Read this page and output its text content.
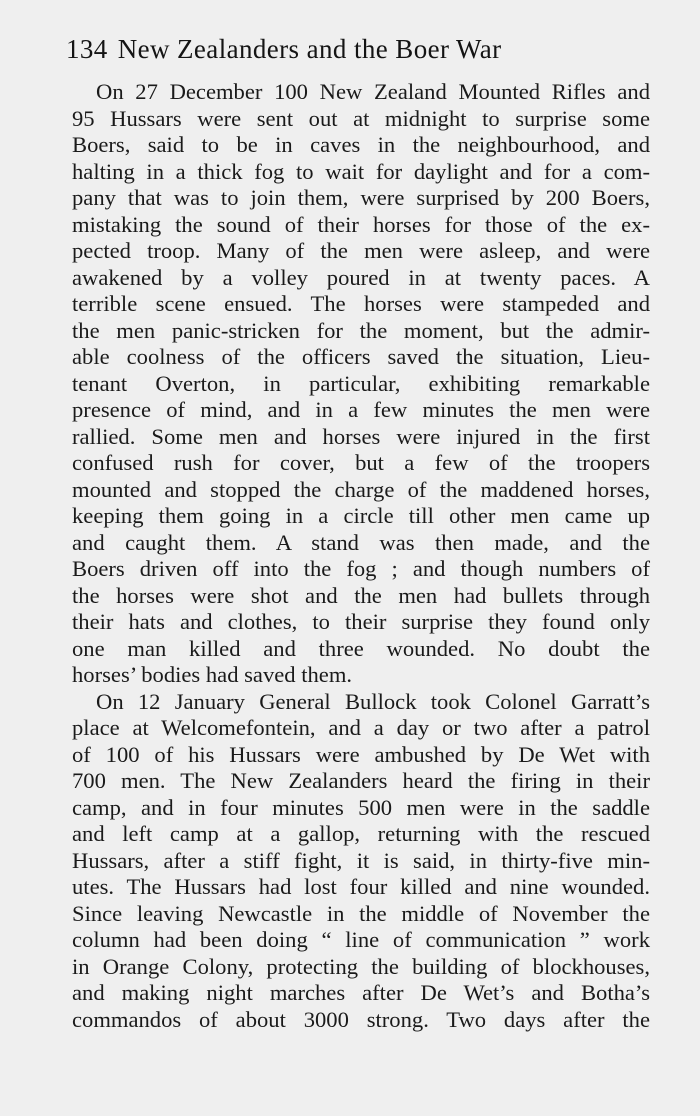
134 New Zealanders and the Boer War
On 27 December 100 New Zealand Mounted Rifles and
95 Hussars were sent out at midnight to surprise some
Boers, said to be in caves in the neighbourhood, and
halting in a thick fog to wait for daylight and for a com-
pany that was to join them, were surprised by 200 Boers,
mistaking the sound of their horses for those of the ex-
pected troop. Many of the men were asleep, and were
awakened by a volley poured in at twenty paces. A
terrible scene ensued. The horses were stampeded and
the men panic-stricken for the moment, but the admir-
able coolness of the officers saved the situation, Lieu-
tenant Overton, in particular, exhibiting remarkable
presence of mind, and in a few minutes the men were
rallied. Some men and horses were injured in the first
confused rush for cover, but a few of the troopers
mounted and stopped the charge of the maddened horses,
keeping them going in a circle till other men came up
and caught them. A stand was then made, and the
Boers driven off into the fog ; and though numbers of
the horses were shot and the men had bullets through
their hats and clothes, to their surprise they found only
one man killed and three wounded. No doubt the
horses’ bodies had saved them.
On 12 January General Bullock took Colonel Garratt’s
place at Welcomefontein, and a day or two after a patrol
of 100 of his Hussars were ambushed by De Wet with
700 men. The New Zealanders heard the firing in their
camp, and in four minutes 500 men were in the saddle
and left camp at a gallop, returning with the rescued
Hussars, after a stiff fight, it is said, in thirty-five min-
utes. The Hussars had lost four killed and nine wounded.
Since leaving Newcastle in the middle of November the
column had been doing “ line of communication ” work
in Orange Colony, protecting the building of blockhouses,
and making night marches after De Wet’s and Botha’s
commandos of about 3000 strong. Two days after the
